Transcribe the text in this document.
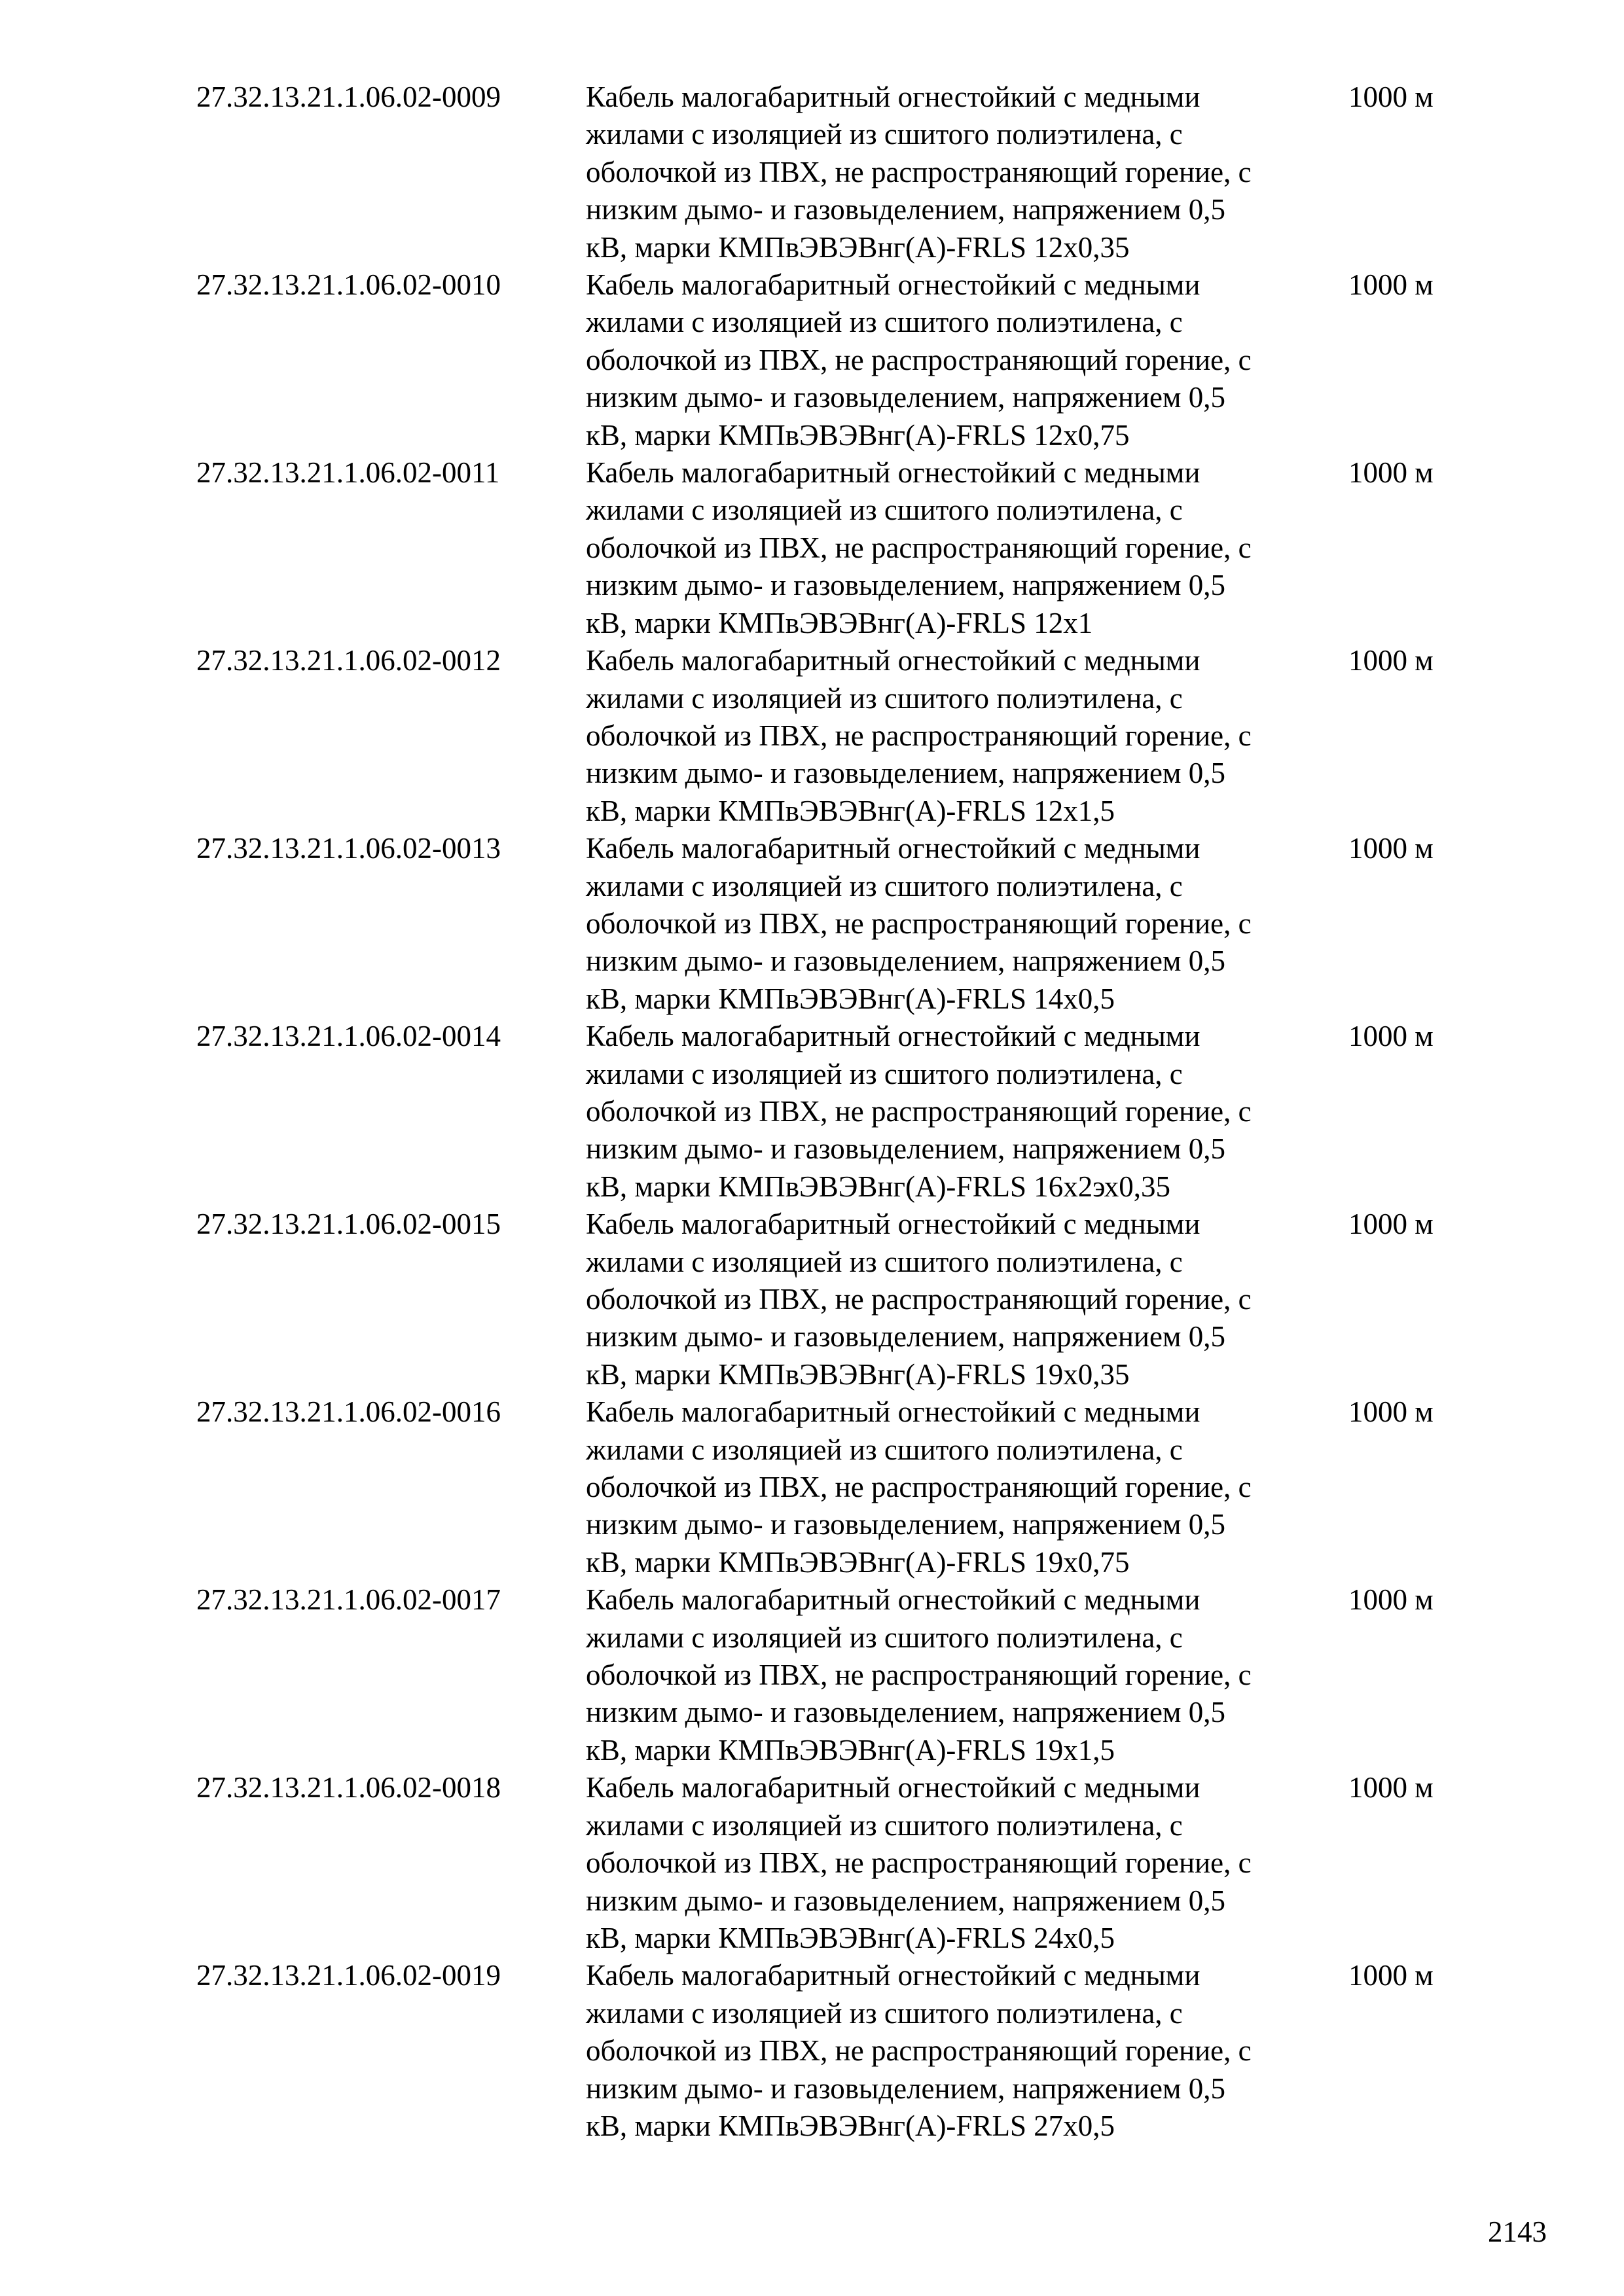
27.32.13.21.1.06.02-0009	Кабель малогабаритный огнестойкий с медными
жилами с изоляцией из сшитого полиэтилена, с
оболочкой из ПВХ, не распространяющий горение, с
низким дымо- и газовыделением, напряжением 0,5
кВ, марки КМПвЭВЭВнг(А)-FRLS 12х0,35
1000 м
27.32.13.21.1.06.02-0010	Кабель малогабаритный огнестойкий с медными
жилами с изоляцией из сшитого полиэтилена, с
оболочкой из ПВХ, не распространяющий горение, с
низким дымо- и газовыделением, напряжением 0,5
кВ, марки КМПвЭВЭВнг(А)-FRLS 12х0,75
1000 м
27.32.13.21.1.06.02-0011	Кабель малогабаритный огнестойкий с медными
жилами с изоляцией из сшитого полиэтилена, с
оболочкой из ПВХ, не распространяющий горение, с
низким дымо- и газовыделением, напряжением 0,5
кВ, марки КМПвЭВЭВнг(А)-FRLS 12х1
1000 м
27.32.13.21.1.06.02-0012	Кабель малогабаритный огнестойкий с медными
жилами с изоляцией из сшитого полиэтилена, с
оболочкой из ПВХ, не распространяющий горение, с
низким дымо- и газовыделением, напряжением 0,5
кВ, марки КМПвЭВЭВнг(А)-FRLS 12х1,5
1000 м
27.32.13.21.1.06.02-0013	Кабель малогабаритный огнестойкий с медными
жилами с изоляцией из сшитого полиэтилена, с
оболочкой из ПВХ, не распространяющий горение, с
низким дымо- и газовыделением, напряжением 0,5
кВ, марки КМПвЭВЭВнг(А)-FRLS 14х0,5
1000 м
27.32.13.21.1.06.02-0014	Кабель малогабаритный огнестойкий с медными
жилами с изоляцией из сшитого полиэтилена, с
оболочкой из ПВХ, не распространяющий горение, с
низким дымо- и газовыделением, напряжением 0,5
кВ, марки КМПвЭВЭВнг(А)-FRLS 16х2эх0,35
1000 м
27.32.13.21.1.06.02-0015	Кабель малогабаритный огнестойкий с медными
жилами с изоляцией из сшитого полиэтилена, с
оболочкой из ПВХ, не распространяющий горение, с
низким дымо- и газовыделением, напряжением 0,5
кВ, марки КМПвЭВЭВнг(А)-FRLS 19х0,35
1000 м
27.32.13.21.1.06.02-0016	Кабель малогабаритный огнестойкий с медными
жилами с изоляцией из сшитого полиэтилена, с
оболочкой из ПВХ, не распространяющий горение, с
низким дымо- и газовыделением, напряжением 0,5
кВ, марки КМПвЭВЭВнг(А)-FRLS 19х0,75
1000 м
27.32.13.21.1.06.02-0017	Кабель малогабаритный огнестойкий с медными
жилами с изоляцией из сшитого полиэтилена, с
оболочкой из ПВХ, не распространяющий горение, с
низким дымо- и газовыделением, напряжением 0,5
кВ, марки КМПвЭВЭВнг(А)-FRLS 19х1,5
1000 м
27.32.13.21.1.06.02-0018	Кабель малогабаритный огнестойкий с медными
жилами с изоляцией из сшитого полиэтилена, с
оболочкой из ПВХ, не распространяющий горение, с
низким дымо- и газовыделением, напряжением 0,5
кВ, марки КМПвЭВЭВнг(А)-FRLS 24х0,5
1000 м
27.32.13.21.1.06.02-0019	Кабель малогабаритный огнестойкий с медными
жилами с изоляцией из сшитого полиэтилена, с
оболочкой из ПВХ, не распространяющий горение, с
низким дымо- и газовыделением, напряжением 0,5
кВ, марки КМПвЭВЭВнг(А)-FRLS 27х0,5
1000 м
2143
